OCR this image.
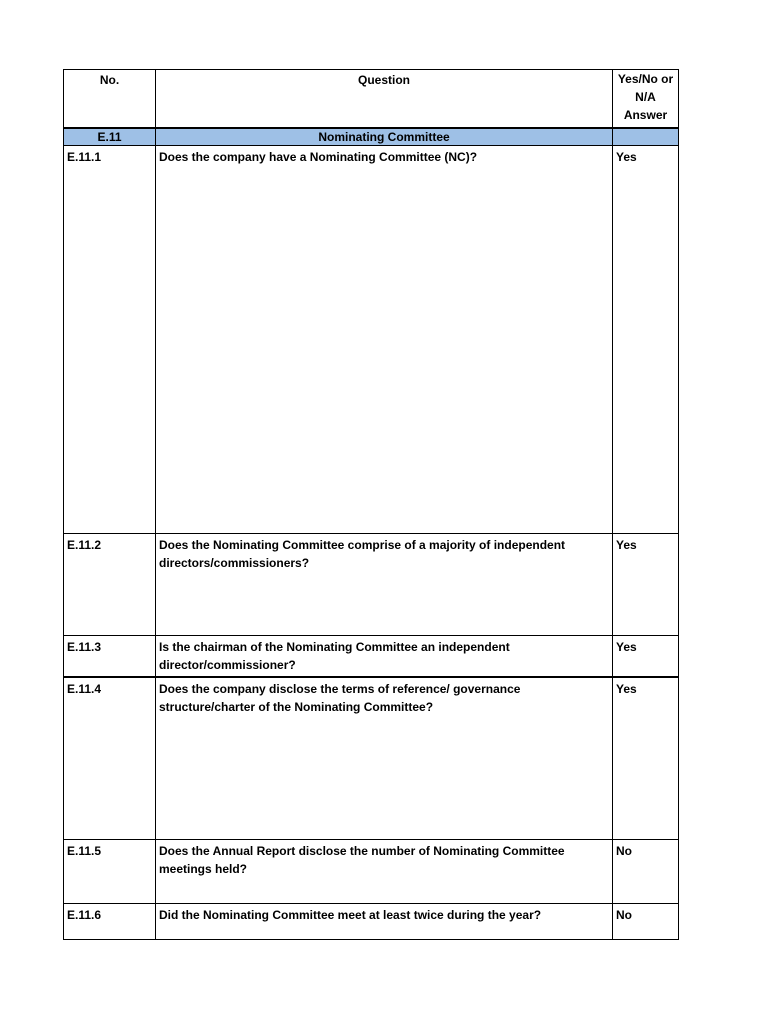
No.	Question	Yes/No or N/A Answer
E.11	Nominating Committee	
E.11.1	Does the company have a Nominating Committee (NC)?	Yes
E.11.2	Does the Nominating Committee comprise of a majority of independent directors/commissioners?	Yes
E.11.3	Is the chairman of the Nominating Committee an independent director/commissioner?	Yes
E.11.4	Does the company disclose the terms of reference/ governance structure/charter of the Nominating Committee?	Yes
E.11.5	Does the Annual Report disclose the number of Nominating Committee meetings held?	No
E.11.6	Did the Nominating Committee meet at least twice during the year?	No
